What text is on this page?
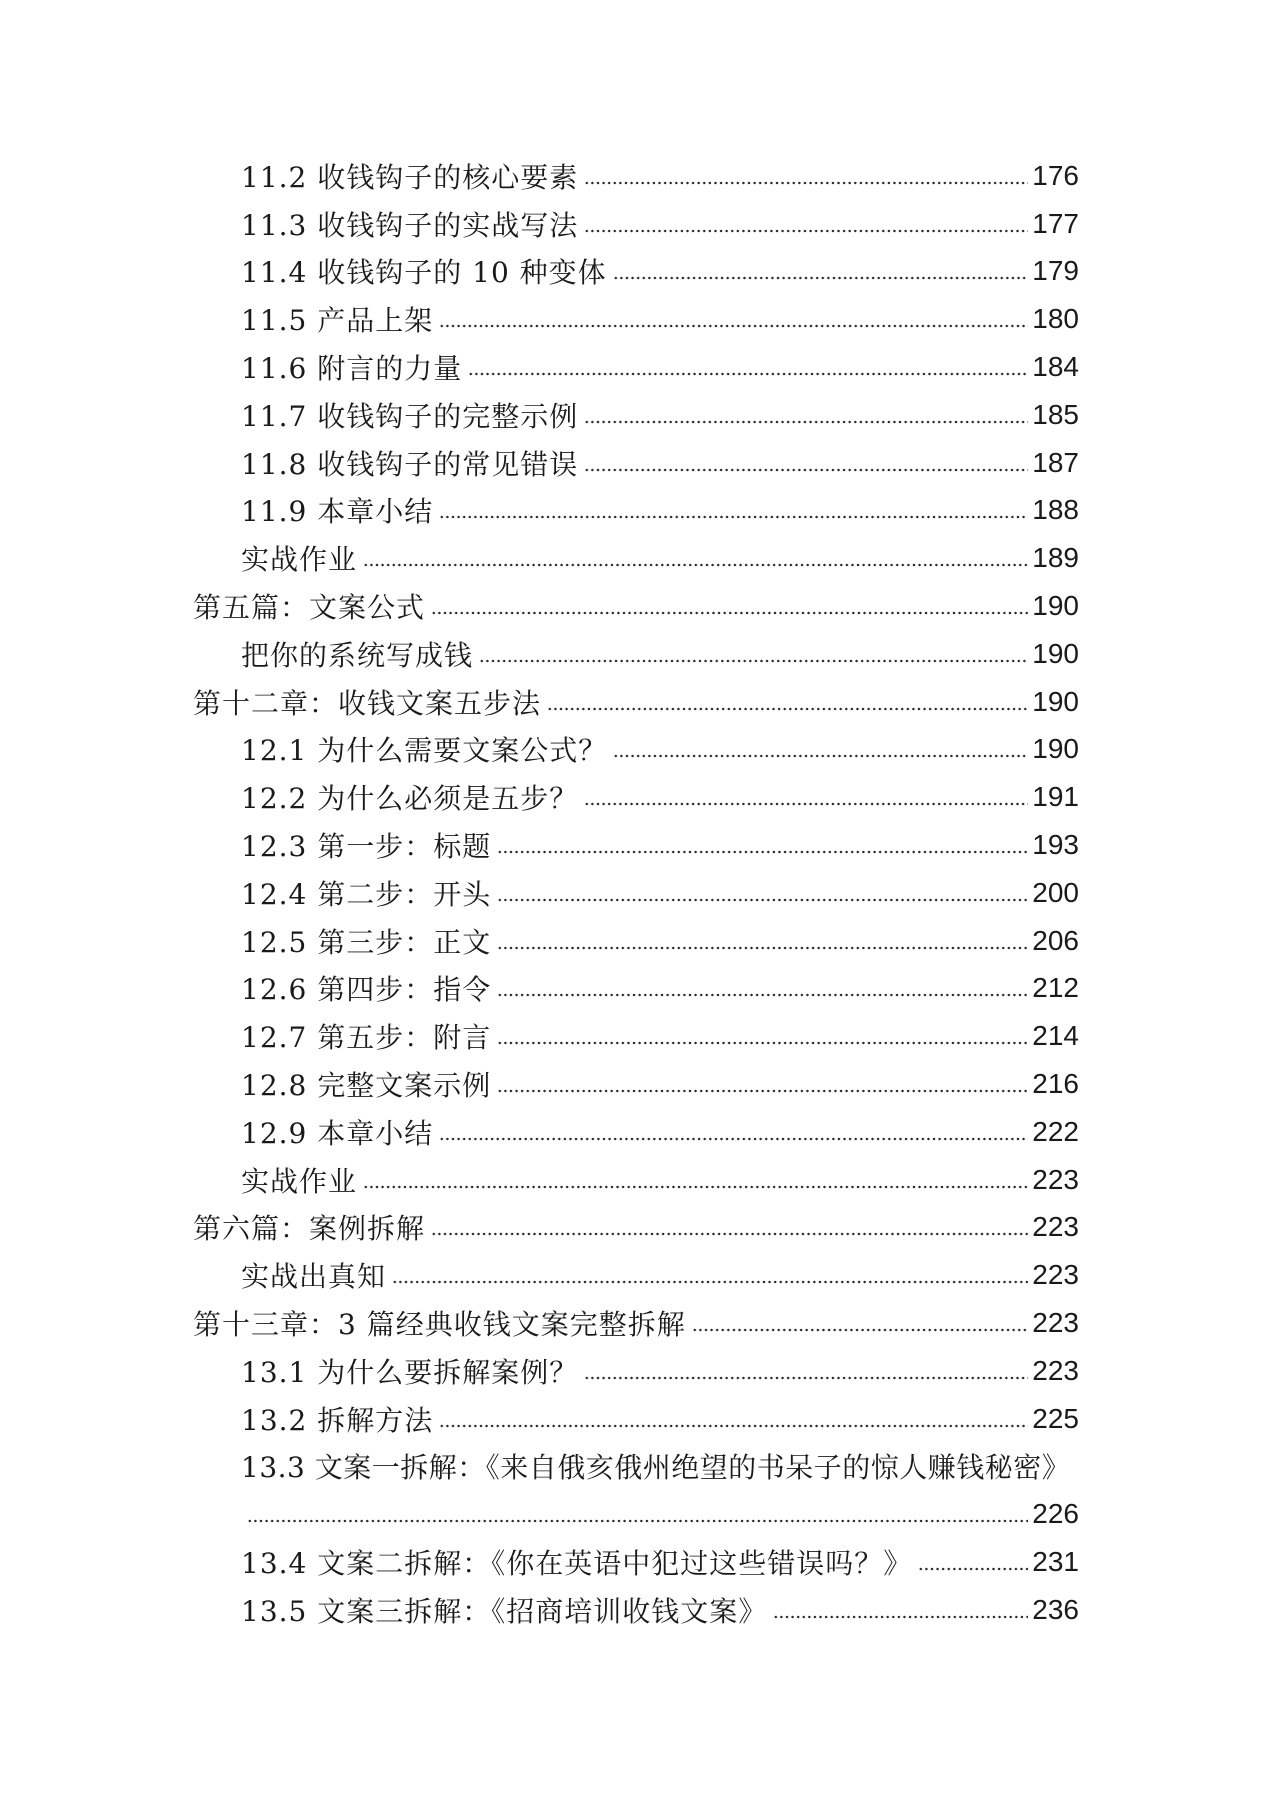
11.2 收钱钩子的核心要素	176
11.3 收钱钩子的实战写法	177
11.4 收钱钩子的 10 种变体	179
11.5 产品上架	180
11.6 附言的力量	184
11.7 收钱钩子的完整示例	185
11.8 收钱钩子的常见错误	187
11.9 本章小结	188
实战作业	189
第五篇：文案公式	190
把你的系统写成钱	190
第十二章：收钱文案五步法	190
12.1 为什么需要文案公式？	190
12.2 为什么必须是五步？	191
12.3 第一步：标题	193
12.4 第二步：开头	200
12.5 第三步：正文	206
12.6 第四步：指令	212
12.7 第五步：附言	214
12.8 完整文案示例	216
12.9 本章小结	222
实战作业	223
第六篇：案例拆解	223
实战出真知	223
第十三章：3 篇经典收钱文案完整拆解	223
13.1 为什么要拆解案例？	223
13.2 拆解方法	225
13.3 文案一拆解：《来自俄亥俄州绝望的书呆子的惊人赚钱秘密》
226
13.4 文案二拆解：《你在英语中犯过这些错误吗？》	231
13.5 文案三拆解：《招商培训收钱文案》	236
